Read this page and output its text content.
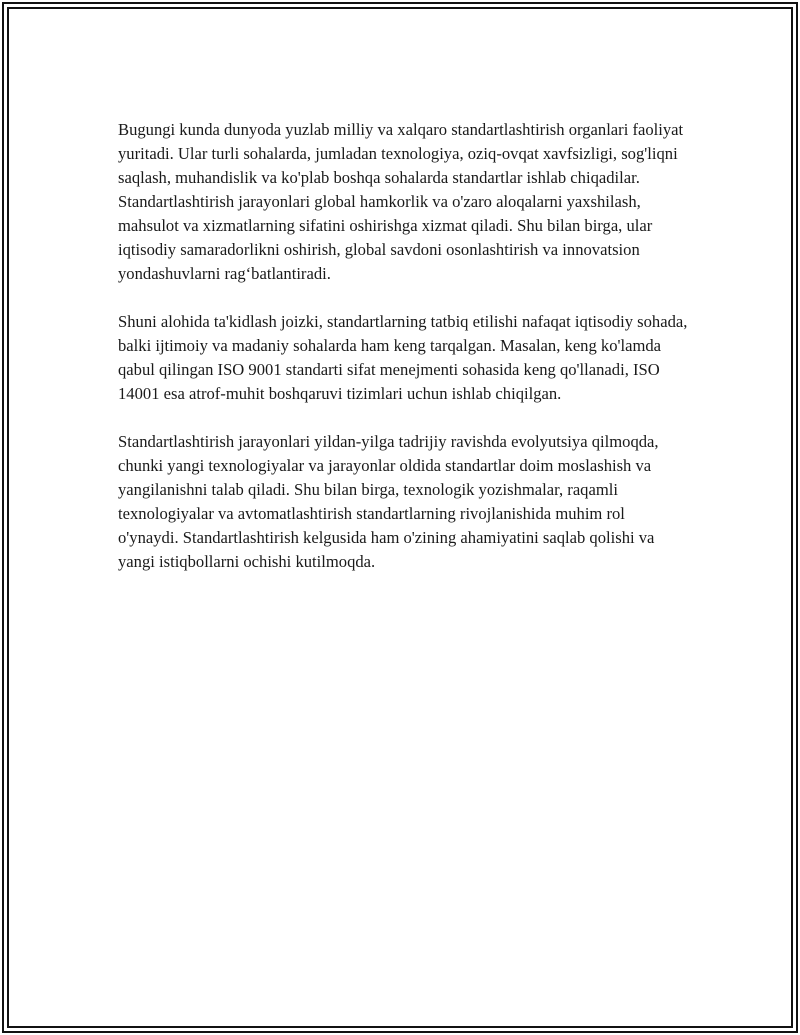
Bugungi kunda dunyoda yuzlab milliy va xalqaro standartlashtirish organlari faoliyat yuritadi. Ular turli sohalarda, jumladan texnologiya, oziq-ovqat xavfsizligi, sog'liqni saqlash, muhandislik va ko'plab boshqa sohalarda standartlar ishlab chiqadilar. Standartlashtirish jarayonlari global hamkorlik va o'zaro aloqalarni yaxshilash, mahsulot va xizmatlarning sifatini oshirishga xizmat qiladi. Shu bilan birga, ular iqtisodiy samaradorlikni oshirish, global savdoni osonlashtirish va innovatsion yondashuvlarni rag‘batlantiradi.

Shuni alohida ta'kidlash joizki, standartlarning tatbiq etilishi nafaqat iqtisodiy sohada, balki ijtimoiy va madaniy sohalarda ham keng tarqalgan. Masalan, keng ko'lamda qabul qilingan ISO 9001 standarti sifat menejmenti sohasida keng qo'llanadi, ISO 14001 esa atrof-muhit boshqaruvi tizimlari uchun ishlab chiqilgan.

Standartlashtirish jarayonlari yildan-yilga tadrijiy ravishda evolyutsiya qilmoqda, chunki yangi texnologiyalar va jarayonlar oldida standartlar doim moslashish va yangilanishni talab qiladi. Shu bilan birga, texnologik yozishmalar, raqamli texnologiyalar va avtomatlashtirish standartlarning rivojlanishida muhim rol o'ynaydi. Standartlashtirish kelgusida ham o'zining ahamiyatini saqlab qolishi va yangi istiqbollarni ochishi kutilmoqda.
